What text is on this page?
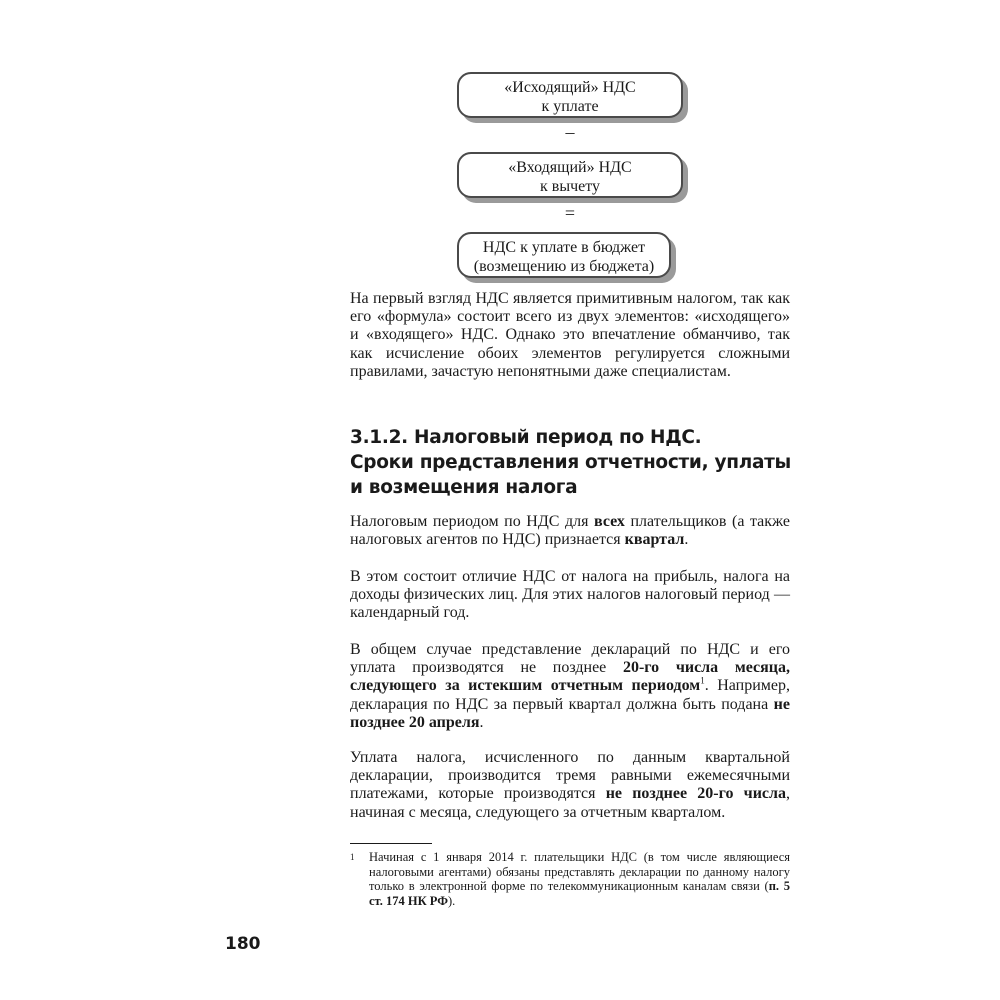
«Исходящий» НДС
к уплате
–
«Входящий» НДС
к вычету
=
НДС к уплате в бюджет
(возмещению из бюджета)

На первый взгляд НДС является примитивным налогом, так как его «формула» состоит всего из двух элементов: «исходящего» и «входящего» НДС. Однако это впечатление обманчиво, так как исчисление обоих элементов регулируется сложными правилами, зачастую непонятными даже специалистам.

3.1.2. Налоговый период по НДС.
Сроки представления отчетности, уплаты
и возмещения налога

Налоговым периодом по НДС для всех плательщиков (а также налоговых агентов по НДС) признается квартал.

В этом состоит отличие НДС от налога на прибыль, налога на доходы физических лиц. Для этих налогов налоговый период — календарный год.

В общем случае представление деклараций по НДС и его уплата производятся не позднее 20-го числа месяца, следующего за истекшим отчетным периодом$^1$. Например, декларация по НДС за первый квартал должна быть подана не позднее 20 апреля.

Уплата налога, исчисленного по данным квартальной декларации, производится тремя равными ежемесячными платежами, которые производятся не позднее 20-го числа, начиная с месяца, следующего за отчетным кварталом.

1 Начиная с 1 января 2014 г. плательщики НДС (в том числе являющиеся налоговыми агентами) обязаны представлять декларации по данному налогу только в электронной форме по телекоммуникационным каналам связи (п. 5 ст. 174 НК РФ).

180
